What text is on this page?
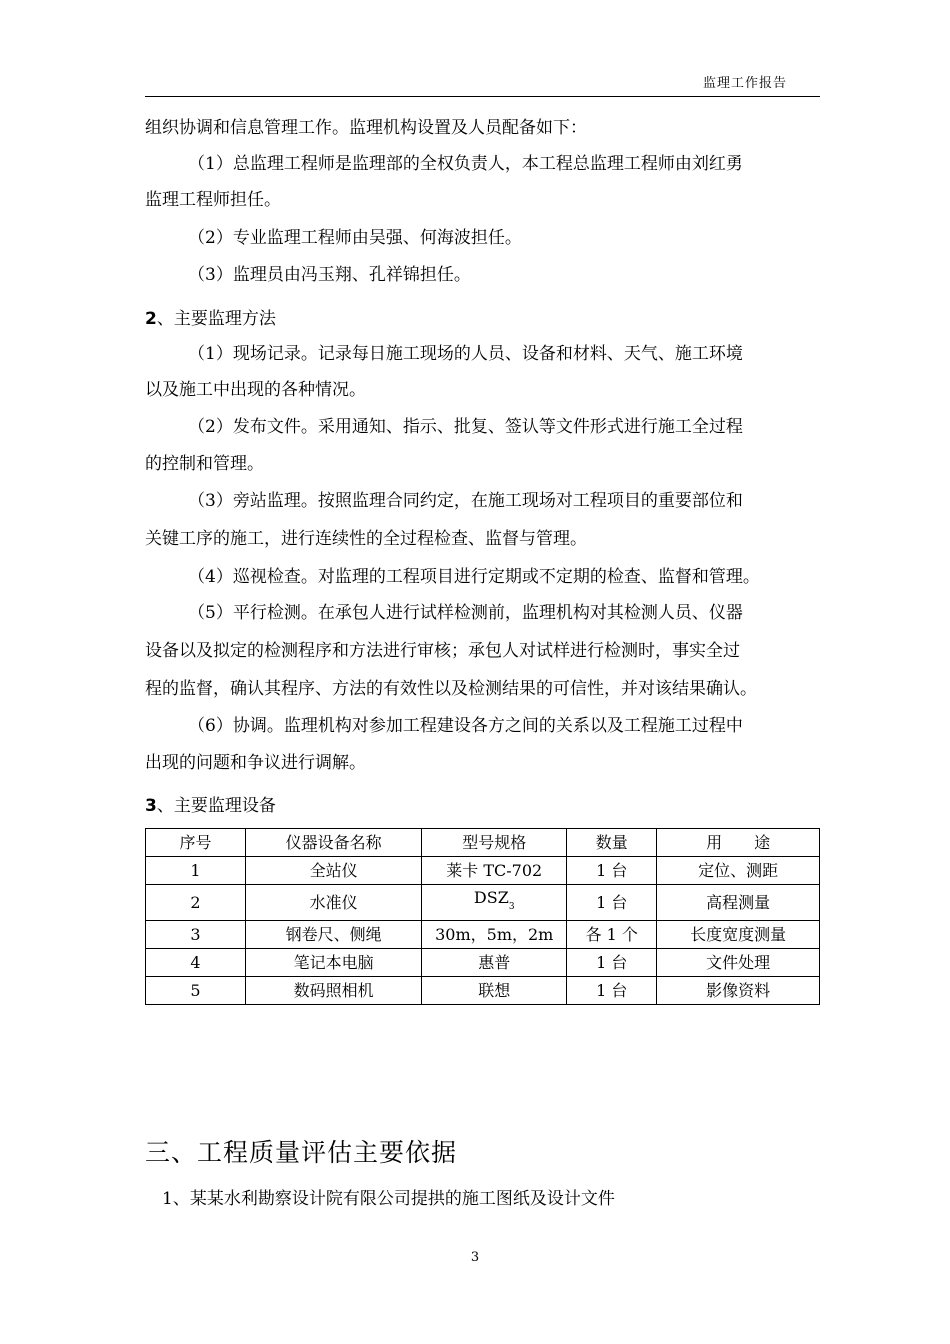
监理工作报告
组织协调和信息管理工作。监理机构设置及人员配备如下：
（1）总监理工程师是监理部的全权负责人，本工程总监理工程师由刘红勇
监理工程师担任。
（2）专业监理工程师由吴强、何海波担任。
（3）监理员由冯玉翔、孔祥锦担任。
2、主要监理方法
（1）现场记录。记录每日施工现场的人员、设备和材料、天气、施工环境
以及施工中出现的各种情况。
（2）发布文件。采用通知、指示、批复、签认等文件形式进行施工全过程
的控制和管理。
（3）旁站监理。按照监理合同约定，在施工现场对工程项目的重要部位和
关键工序的施工，进行连续性的全过程检查、监督与管理。
（4）巡视检查。对监理的工程项目进行定期或不定期的检查、监督和管理。
（5）平行检测。在承包人进行试样检测前，监理机构对其检测人员、仪器
设备以及拟定的检测程序和方法进行审核；承包人对试样进行检测时，事实全过
程的监督，确认其程序、方法的有效性以及检测结果的可信性，并对该结果确认。
（6）协调。监理机构对参加工程建设各方之间的关系以及工程施工过程中
出现的问题和争议进行调解。
3、主要监理设备
序号	仪器设备名称	型号规格	数量	用　　途
1	全站仪	莱卡 TC-702	1 台	定位、测距
2	水准仪	$DSZ_3$	1 台	高程测量
3	钢卷尺、侧绳	30m，5m，2m	各 1 个	长度宽度测量
4	笔记本电脑	惠普	1 台	文件处理
5	数码照相机	联想	1 台	影像资料
三、工程质量评估主要依据
1、某某水利勘察设计院有限公司提拱的施工图纸及设计文件
3
